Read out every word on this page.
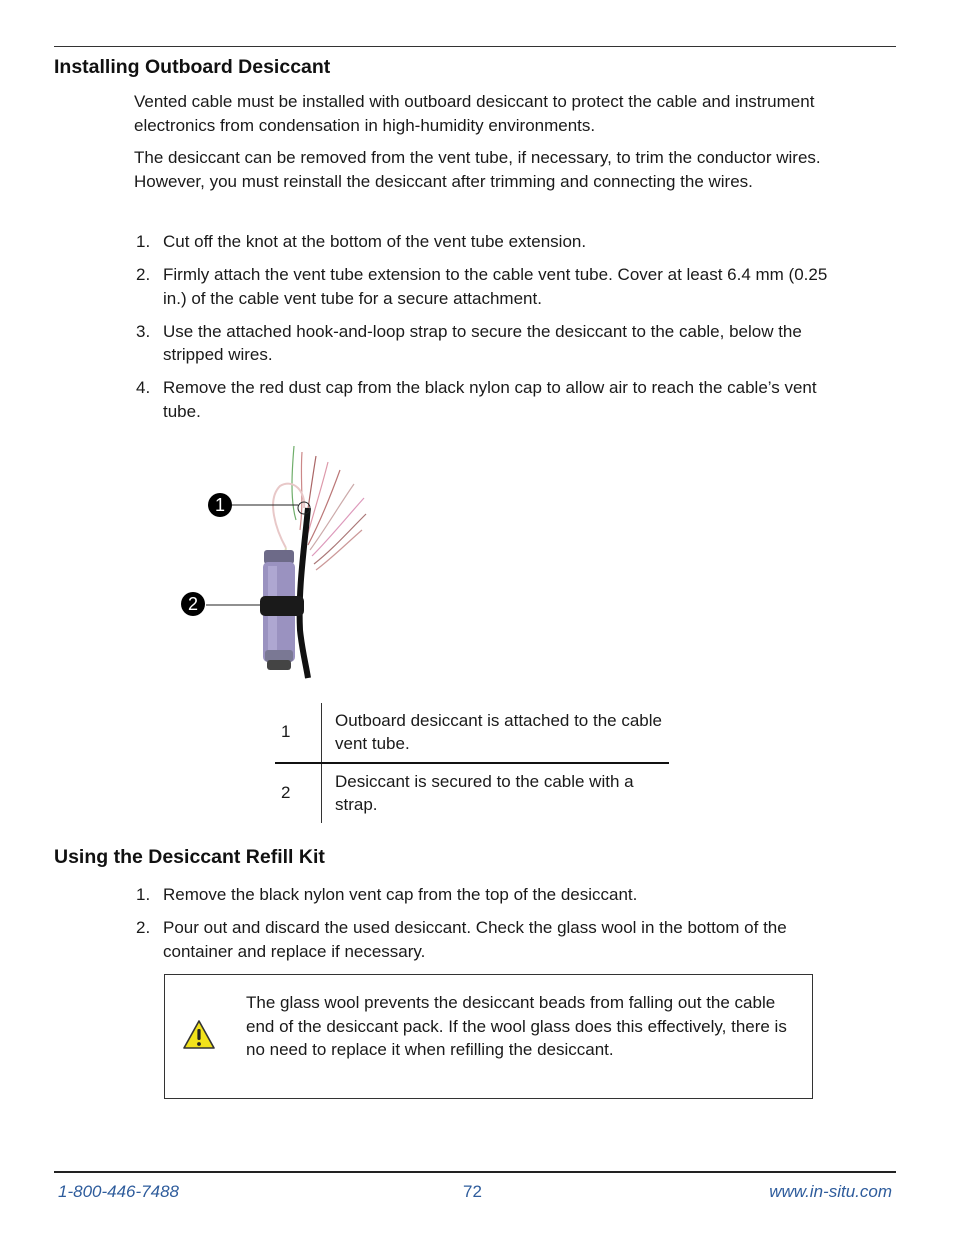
Installing Outboard Desiccant

Vented cable must be installed with outboard desiccant to protect the cable and instrument electronics from condensation in high-humidity environments.

The desiccant can be removed from the vent tube, if necessary, to trim the conductor wires. However, you must reinstall the desiccant after trimming and connecting the wires.

1. Cut off the knot at the bottom of the vent tube extension.
2. Firmly attach the vent tube extension to the cable vent tube. Cover at least 6.4 mm (0.25 in.) of the cable vent tube for a secure attachment.
3. Use the attached hook-and-loop strap to secure the desiccant to the cable, below the stripped wires.
4. Remove the red dust cap from the black nylon cap to allow air to reach the cable’s vent tube.
1
2
1	Outboard desiccant is attached to the cable vent tube.
2	Desiccant is secured to the cable with a strap.
Using the Desiccant Refill Kit
1. Remove the black nylon vent cap from the top of the desiccant.
2. Pour out and discard the used desiccant. Check the glass wool in the bottom of the container and replace if necessary.
The glass wool prevents the desiccant beads from falling out the cable end of the desiccant pack. If the wool glass does this effectively, there is no need to replace it when refilling the desiccant.
1-800-446-7488	72	www.in-situ.com
